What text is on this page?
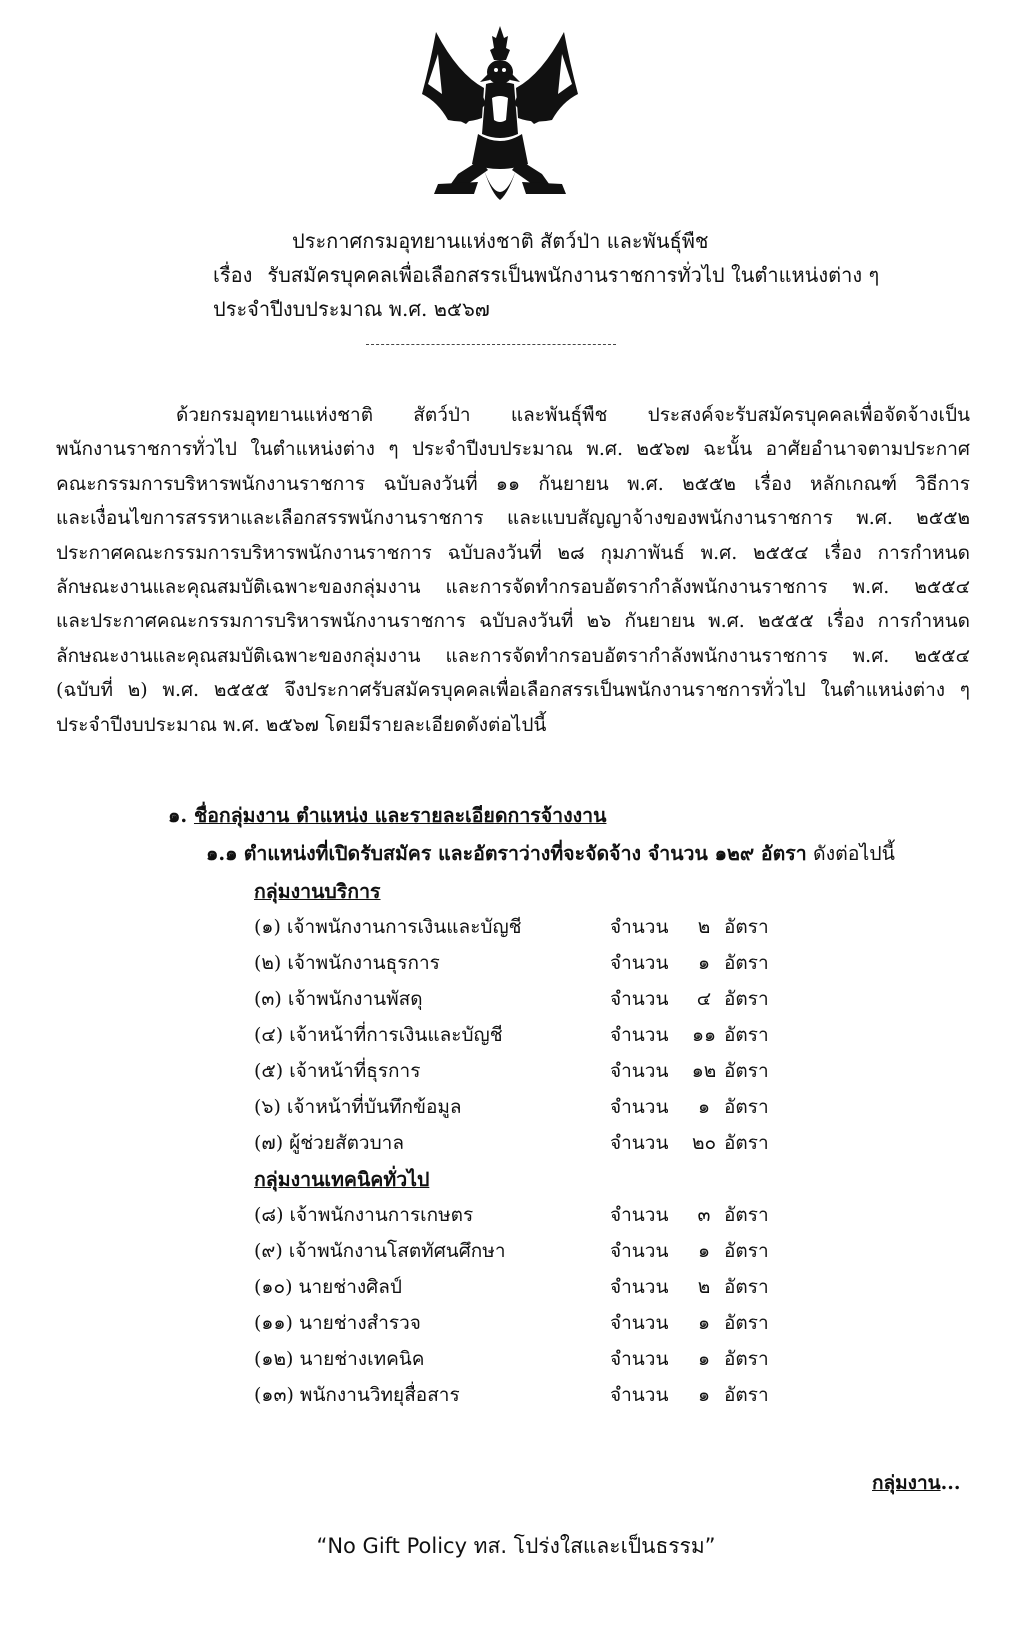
ประกาศกรมอุทยานแห่งชาติ สัตว์ป่า และพันธุ์พืช
เรื่อง รับสมัครบุคคลเพื่อเลือกสรรเป็นพนักงานราชการทั่วไป ในตำแหน่งต่าง ๆ
ประจำปีงบประมาณ พ.ศ. ๒๕๖๗
ด้วยกรมอุทยานแห่งชาติ สัตว์ป่า และพันธุ์พืช ประสงค์จะรับสมัครบุคคลเพื่อจัดจ้างเป็น
พนักงานราชการทั่วไป ในตำแหน่งต่าง ๆ ประจำปีงบประมาณ พ.ศ. ๒๕๖๗ ฉะนั้น อาศัยอำนาจตามประกาศ
คณะกรรมการบริหารพนักงานราชการ ฉบับลงวันที่ ๑๑ กันยายน พ.ศ. ๒๕๕๒ เรื่อง หลักเกณฑ์ วิธีการ
และเงื่อนไขการสรรหาและเลือกสรรพนักงานราชการ และแบบสัญญาจ้างของพนักงานราชการ พ.ศ. ๒๕๕๒
ประกาศคณะกรรมการบริหารพนักงานราชการ ฉบับลงวันที่ ๒๘ กุมภาพันธ์ พ.ศ. ๒๕๕๔ เรื่อง การกำหนด
ลักษณะงานและคุณสมบัติเฉพาะของกลุ่มงาน และการจัดทำกรอบอัตรากำลังพนักงานราชการ พ.ศ. ๒๕๕๔
และประกาศคณะกรรมการบริหารพนักงานราชการ ฉบับลงวันที่ ๒๖ กันยายน พ.ศ. ๒๕๕๕ เรื่อง การกำหนด
ลักษณะงานและคุณสมบัติเฉพาะของกลุ่มงาน และการจัดทำกรอบอัตรากำลังพนักงานราชการ พ.ศ. ๒๕๕๔
(ฉบับที่ ๒) พ.ศ. ๒๕๕๕ จึงประกาศรับสมัครบุคคลเพื่อเลือกสรรเป็นพนักงานราชการทั่วไป ในตำแหน่งต่าง ๆ
ประจำปีงบประมาณ พ.ศ. ๒๕๖๗ โดยมีรายละเอียดดังต่อไปนี้
๑. ชื่อกลุ่มงาน ตำแหน่ง และรายละเอียดการจ้างงาน
๑.๑ ตำแหน่งที่เปิดรับสมัคร และอัตราว่างที่จะจัดจ้าง จำนวน ๑๒๙ อัตรา ดังต่อไปนี้
กลุ่มงานบริการ
(๑) เจ้าพนักงานการเงินและบัญชี	จำนวน	๒ อัตรา
(๒) เจ้าพนักงานธุรการ	จำนวน	๑ อัตรา
(๓) เจ้าพนักงานพัสดุ	จำนวน	๔ อัตรา
(๔) เจ้าหน้าที่การเงินและบัญชี	จำนวน	๑๑ อัตรา
(๕) เจ้าหน้าที่ธุรการ	จำนวน	๑๒ อัตรา
(๖) เจ้าหน้าที่บันทึกข้อมูล	จำนวน	๑ อัตรา
(๗) ผู้ช่วยสัตวบาล	จำนวน	๒๐ อัตรา
กลุ่มงานเทคนิคทั่วไป
(๘) เจ้าพนักงานการเกษตร	จำนวน	๓ อัตรา
(๙) เจ้าพนักงานโสตทัศนศึกษา	จำนวน	๑ อัตรา
(๑๐) นายช่างศิลป์	จำนวน	๒ อัตรา
(๑๑) นายช่างสำรวจ	จำนวน	๑ อัตรา
(๑๒) นายช่างเทคนิค	จำนวน	๑ อัตรา
(๑๓) พนักงานวิทยุสื่อสาร	จำนวน	๑ อัตรา
กลุ่มงาน...
“No Gift Policy ทส. โปร่งใสและเป็นธรรม”
